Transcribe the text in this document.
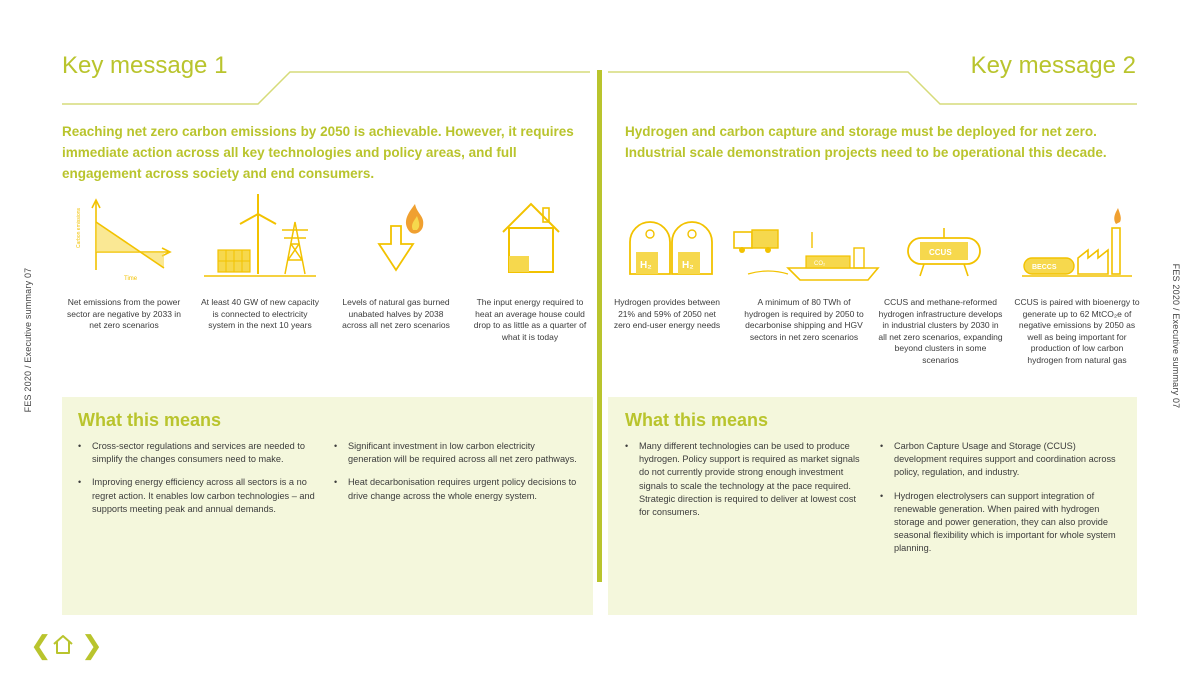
FES 2020 / Executive summary 07	FES 2020 / Executive summary 07
Key message 1	Key message 2
Reaching net zero carbon emissions by 2050 is achievable. However, it requires immediate action across all key technologies and policy areas, and full engagement across society and end consumers.
Hydrogen and carbon capture and storage must be deployed for net zero. Industrial scale demonstration projects need to be operational this decade.
Carbon emissions
Time
Net emissions from the power sector are negative by 2033 in net zero scenarios
At least 40 GW of new capacity is connected to electricity system in the next 10 years
Levels of natural gas burned unabated halves by 2038 across all net zero scenarios
The input energy required to heat an average house could drop to as little as a quarter of what it is today
H₂	H₂	CO₂
CCUS
BECCS
Hydrogen provides between 21% and 59% of 2050 net zero end-user energy needs
A minimum of 80 TWh of hydrogen is required by 2050 to decarbonise shipping and HGV sectors in net zero scenarios
CCUS and methane-reformed hydrogen infrastructure develops in industrial clusters by 2030 in all net zero scenarios, expanding beyond clusters in some scenarios
CCUS is paired with bioenergy to generate up to 62 MtCO₂e of negative emissions by 2050 as well as being important for production of low carbon hydrogen from natural gas
What this means	What this means
• Cross-sector regulations and services are needed to simplify the changes consumers need to make.
• Improving energy efficiency across all sectors is a no regret action. It enables low carbon technologies – and supports meeting peak and annual demands.
• Significant investment in low carbon electricity generation will be required across all net zero pathways.
• Heat decarbonisation requires urgent policy decisions to drive change across the whole energy system.
• Many different technologies can be used to produce hydrogen. Policy support is required as market signals do not currently provide strong enough investment signals to scale the technology at the pace required. Strategic direction is required to deliver at lowest cost for consumers.
• Carbon Capture Usage and Storage (CCUS) development requires support and coordination across policy, regulation, and industry.
• Hydrogen electrolysers can support integration of renewable generation. When paired with hydrogen storage and power generation, they can also provide seasonal flexibility which is important for whole system planning.
❮ ❯
